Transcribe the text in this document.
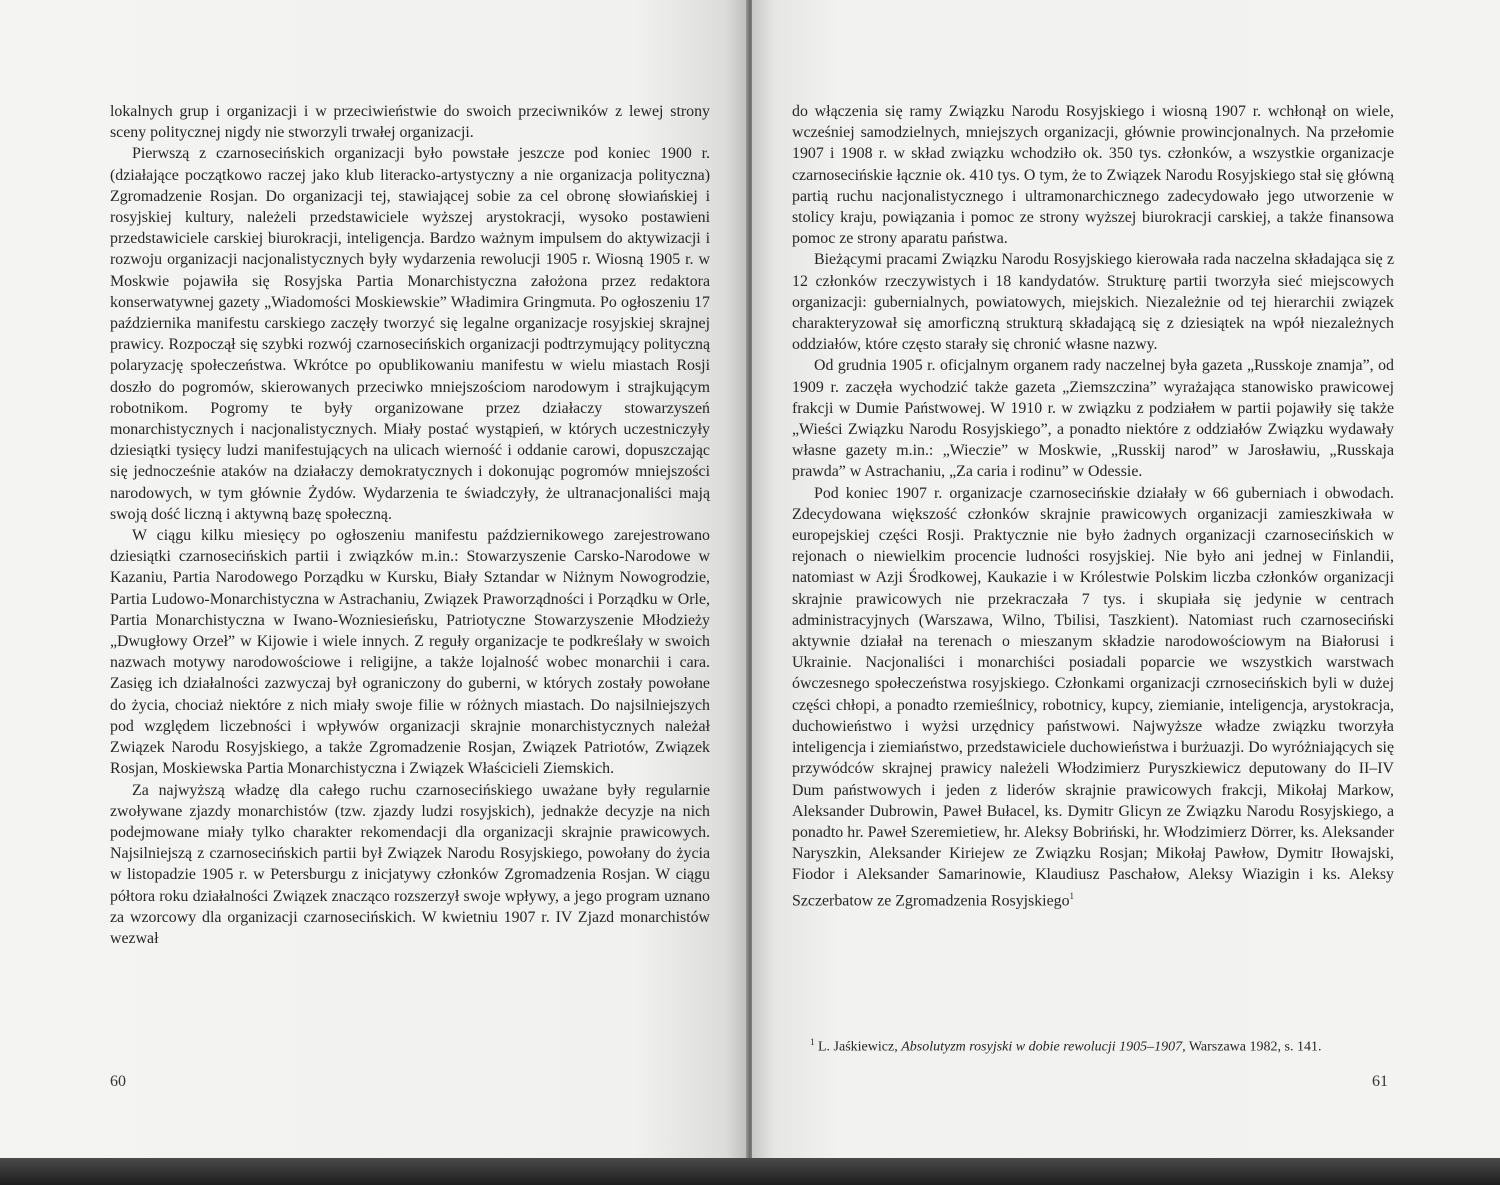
lokalnych grup i organizacji i w przeciwieństwie do swoich przeciwników z lewej strony sceny politycznej nigdy nie stworzyli trwałej organizacji.

Pierwszą z czarnosecińskich organizacji było powstałe jeszcze pod koniec 1900 r. (działające początkowo raczej jako klub literacko-artystyczny a nie organizacja polityczna) Zgromadzenie Rosjan. Do organizacji tej, stawiającej sobie za cel obronę słowiańskiej i rosyjskiej kultury, należeli przedstawiciele wyższej arystokracji, wysoko postawieni przedstawiciele carskiej biurokracji, inteligencja. Bardzo ważnym impulsem do aktywizacji i rozwoju organizacji nacjonalistycznych były wydarzenia rewolucji 1905 r. Wiosną 1905 r. w Moskwie pojawiła się Rosyjska Partia Monarchistyczna założona przez redaktora konserwatywnej gazety „Wiadomości Moskiewskie” Władimira Gringmuta. Po ogłoszeniu 17 października manifestu carskiego zaczęły tworzyć się legalne organizacje rosyjskiej skrajnej prawicy. Rozpoczął się szybki rozwój czarnosecińskich organizacji podtrzymujący polityczną polaryzację społeczeństwa. Wkrótce po opublikowaniu manifestu w wielu miastach Rosji doszło do pogromów, skierowanych przeciwko mniejszościom narodowym i strajkującym robotnikom. Pogromy te były organizowane przez działaczy stowarzyszeń monarchistycznych i nacjonalistycznych. Miały postać wystąpień, w których uczestniczyły dziesiątki tysięcy ludzi manifestujących na ulicach wierność i oddanie carowi, dopuszczając się jednocześnie ataków na działaczy demokratycznych i dokonując pogromów mniejszości narodowych, w tym głównie Żydów. Wydarzenia te świadczyły, że ultranacjonaliści mają swoją dość liczną i aktywną bazę społeczną.

W ciągu kilku miesięcy po ogłoszeniu manifestu październikowego zarejestrowano dziesiątki czarnosecińskich partii i związków m.in.: Stowarzyszenie Carsko-Narodowe w Kazaniu, Partia Narodowego Porządku w Kursku, Biały Sztandar w Niżnym Nowogrodzie, Partia Ludowo-Monarchistyczna w Astrachaniu, Związek Praworządności i Porządku w Orle, Partia Monarchistyczna w Iwano-Wozniesieńsku, Patriotyczne Stowarzyszenie Młodzieży „Dwugłowy Orzeł” w Kijowie i wiele innych. Z reguły organizacje te podkreślały w swoich nazwach motywy narodowościowe i religijne, a także lojalność wobec monarchii i cara. Zasięg ich działalności zazwyczaj był ograniczony do guberni, w których zostały powołane do życia, chociaż niektóre z nich miały swoje filie w różnych miastach. Do najsilniejszych pod względem liczebności i wpływów organizacji skrajnie monarchistycznych należał Związek Narodu Rosyjskiego, a także Zgromadzenie Rosjan, Związek Patriotów, Związek Rosjan, Moskiewska Partia Monarchistyczna i Związek Właścicieli Ziemskich.

Za najwyższą władzę dla całego ruchu czarnosecińskiego uważane były regularnie zwoływane zjazdy monarchistów (tzw. zjazdy ludzi rosyjskich), jednakże decyzje na nich podejmowane miały tylko charakter rekomendacji dla organizacji skrajnie prawicowych. Najsilniejszą z czarnosecińskich partii był Związek Narodu Rosyjskiego, powołany do życia w listopadzie 1905 r. w Petersburgu z inicjatywy członków Zgromadzenia Rosjan. W ciągu półtora roku działalności Związek znacząco rozszerzył swoje wpływy, a jego program uznano za wzorcowy dla organizacji czarnosecińskich. W kwietniu 1907 r. IV Zjazd monarchistów wezwał

60

do włączenia się ramy Związku Narodu Rosyjskiego i wiosną 1907 r. wchłonął on wiele, wcześniej samodzielnych, mniejszych organizacji, głównie prowincjonalnych. Na przełomie 1907 i 1908 r. w skład związku wchodziło ok. 350 tys. członków, a wszystkie organizacje czarnosecińskie łącznie ok. 410 tys. O tym, że to Związek Narodu Rosyjskiego stał się główną partią ruchu nacjonalistycznego i ultramonarchicznego zadecydowało jego utworzenie w stolicy kraju, powiązania i pomoc ze strony wyższej biurokracji carskiej, a także finansowa pomoc ze strony aparatu państwa.

Bieżącymi pracami Związku Narodu Rosyjskiego kierowała rada naczelna składająca się z 12 członków rzeczywistych i 18 kandydatów. Strukturę partii tworzyła sieć miejscowych organizacji: gubernialnych, powiatowych, miejskich. Niezależnie od tej hierarchii związek charakteryzował się amorficzną strukturą składającą się z dziesiątek na wpół niezależnych oddziałów, które często starały się chronić własne nazwy.

Od grudnia 1905 r. oficjalnym organem rady naczelnej była gazeta „Russkoje znamja”, od 1909 r. zaczęła wychodzić także gazeta „Ziemszczina” wyrażająca stanowisko prawicowej frakcji w Dumie Państwowej. W 1910 r. w związku z podziałem w partii pojawiły się także „Wieści Związku Narodu Rosyjskiego”, a ponadto niektóre z oddziałów Związku wydawały własne gazety m.in.: „Wieczie” w Moskwie, „Russkij narod” w Jarosławiu, „Russkaja prawda” w Astrachaniu, „Za caria i rodinu” w Odessie.

Pod koniec 1907 r. organizacje czarnosecińskie działały w 66 guberniach i obwodach. Zdecydowana większość członków skrajnie prawicowych organizacji zamieszkiwała w europejskiej części Rosji. Praktycznie nie było żadnych organizacji czarnosecińskich w rejonach o niewielkim procencie ludności rosyjskiej. Nie było ani jednej w Finlandii, natomiast w Azji Środkowej, Kaukazie i w Królestwie Polskim liczba członków organizacji skrajnie prawicowych nie przekraczała 7 tys. i skupiała się jedynie w centrach administracyjnych (Warszawa, Wilno, Tbilisi, Taszkient). Natomiast ruch czarnoseciński aktywnie działał na terenach o mieszanym składzie narodowościowym na Białorusi i Ukrainie. Nacjonaliści i monarchiści posiadali poparcie we wszystkich warstwach ówczesnego społeczeństwa rosyjskiego. Członkami organizacji czrnosecińskich byli w dużej części chłopi, a ponadto rzemieślnicy, robotnicy, kupcy, ziemianie, inteligencja, arystokracja, duchowieństwo i wyżsi urzędnicy państwowi. Najwyższe władze związku tworzyła inteligencja i ziemiaństwo, przedstawiciele duchowieństwa i burżuazji. Do wyróżniających się przywódców skrajnej prawicy należeli Włodzimierz Puryszkiewicz deputowany do II–IV Dum państwowych i jeden z liderów skrajnie prawicowych frakcji, Mikołaj Markow, Aleksander Dubrowin, Paweł Bułacel, ks. Dymitr Glicyn ze Związku Narodu Rosyjskiego, a ponadto hr. Paweł Szeremietiew, hr. Aleksy Bobriński, hr. Włodzimierz Dörrer, ks. Aleksander Naryszkin, Aleksander Kiriejew ze Związku Rosjan; Mikołaj Pawłow, Dymitr Iłowajski, Fiodor i Aleksander Samarinowie, Klaudiusz Paschałow, Aleksy Wiazigin i ks. Aleksy Szczerbatow ze Zgromadzenia Rosyjskiego$^1$

$^1$ L. Jaśkiewicz, Absolutyzm rosyjski w dobie rewolucji 1905–1907, Warszawa 1982, s. 141.
61
